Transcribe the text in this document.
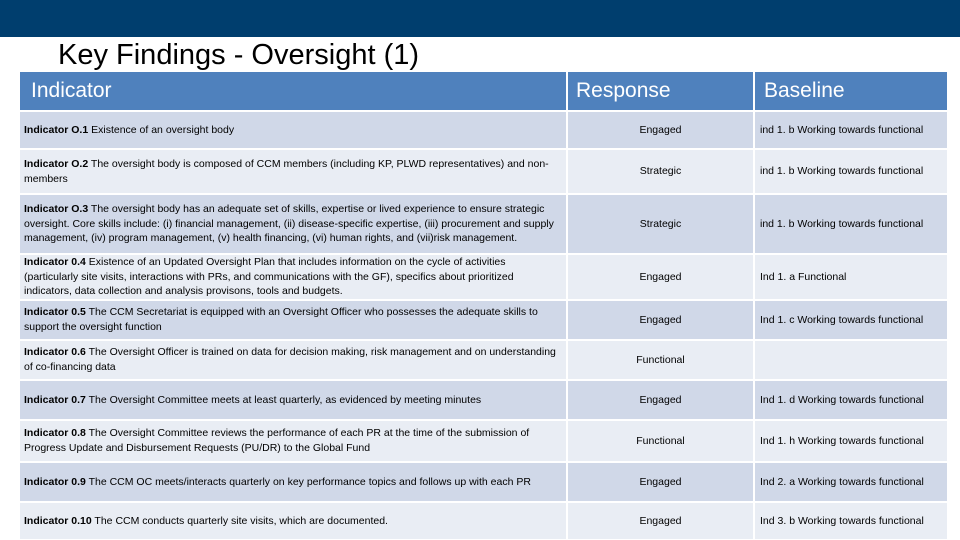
Key Findings - Oversight (1)
Indicator	Response	Baseline
Indicator O.1 Existence of an oversight body	Engaged	ind 1. b Working towards functional
Indicator O.2 The oversight body is composed of CCM members (including KP, PLWD representatives) and non-members	Strategic	ind 1. b Working towards functional
Indicator O.3 The oversight body has an adequate set of skills, expertise or lived experience to ensure strategic oversight. Core skills include: (i) financial management, (ii) disease-specific expertise, (iii) procurement and supply management, (iv) program management, (v) health financing, (vi) human rights, and (vii)risk management.	Strategic	ind 1. b Working towards functional
Indicator 0.4 Existence of an Updated Oversight Plan that includes information on the cycle of activities (particularly site visits, interactions with PRs, and communications with the GF), specifics about prioritized indicators, data collection and analysis provisons, tools and budgets.	Engaged	Ind 1. a Functional
Indicator 0.5 The CCM Secretariat is equipped with an Oversight Officer who possesses the adequate skills to support the oversight function	Engaged	Ind 1. c Working towards functional
Indicator 0.6 The Oversight Officer is trained on data for decision making, risk management and on understanding of co-financing data	Functional	
Indicator 0.7 The Oversight Committee meets at least quarterly, as evidenced by meeting minutes	Engaged	Ind 1. d Working towards functional
Indicator 0.8 The Oversight Committee reviews the performance of each PR at the time of the submission of Progress Update and Disbursement Requests (PU/DR) to the Global Fund	Functional	Ind 1. h Working towards functional
Indicator 0.9 The CCM OC meets/interacts quarterly on key performance topics and follows up with each PR	Engaged	Ind 2. a Working towards functional
Indicator 0.10 The CCM conducts quarterly site visits, which are documented.	Engaged	Ind 3. b Working towards functional
